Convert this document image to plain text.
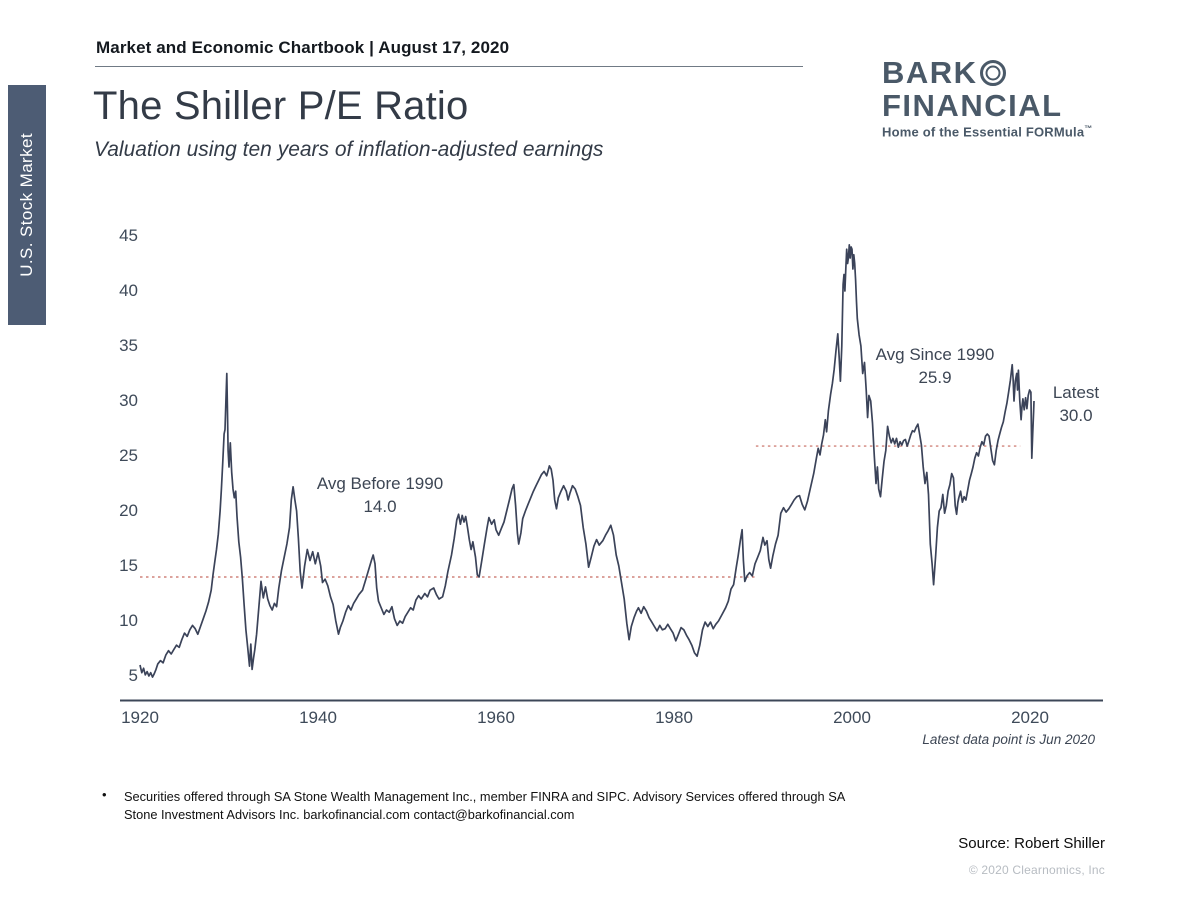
Market and Economic Chartbook | August 17, 2020
U.S. Stock Market
The Shiller P/E Ratio
Valuation using ten years of inflation-adjusted earnings
BARK
FINANCIAL
Home of the Essential FORMula™
5
10
15
20
25
30
35
40
45
1920	1940	1960	1980	2000	2020
Avg Before 1990
14.0
Avg Since 1990
25.9
Latest
30.0
Latest data point is Jun 2020
• Securities offered through SA Stone Wealth Management Inc., member FINRA and SIPC. Advisory Services offered through SA
Stone Investment Advisors Inc. barkofinancial.com contact@barkofinancial.com
Source: Robert Shiller
© 2020 Clearnomics, Inc
